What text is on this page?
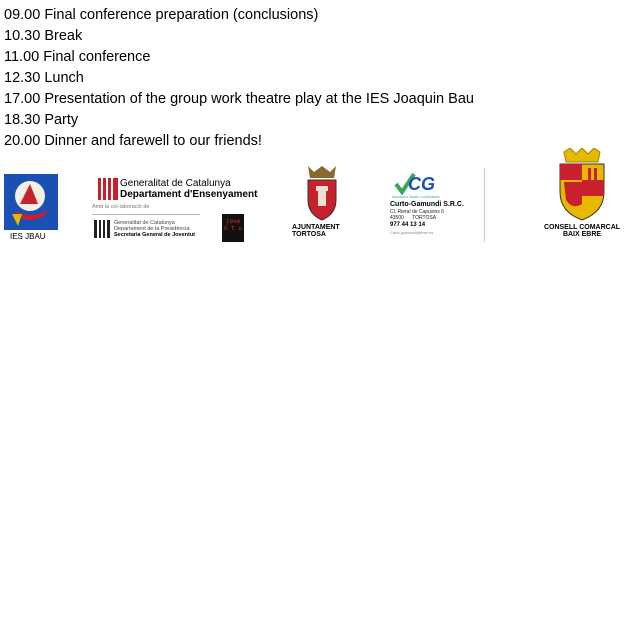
09.00 Final conference preparation (conclusions)
10.30 Break
11.00 Final conference
12.30 Lunch
17.00 Presentation of the group work theatre play at the IES Joaquin Bau
18.30 Party
20.00 Dinner and farewell to our friends!
IES JBAU
Generalitat de Catalunya
Departament d'Ensenyament
Amb la col·laboració de
Generalitat de Catalunya
Departament de la Presidència
Secretaria General de Joventut
jove
n t u	AJUNTAMENT
TORTOSA
CG
Assessors fiscals i comptables
Curto-Gamundi S.R.C.
Cl. Rieral de Capuxins 6
43500      TORTOSA
977 44 13 14
Curto-gamundi@tinet.es
CONSELL COMARCAL
BAIX EBRE
